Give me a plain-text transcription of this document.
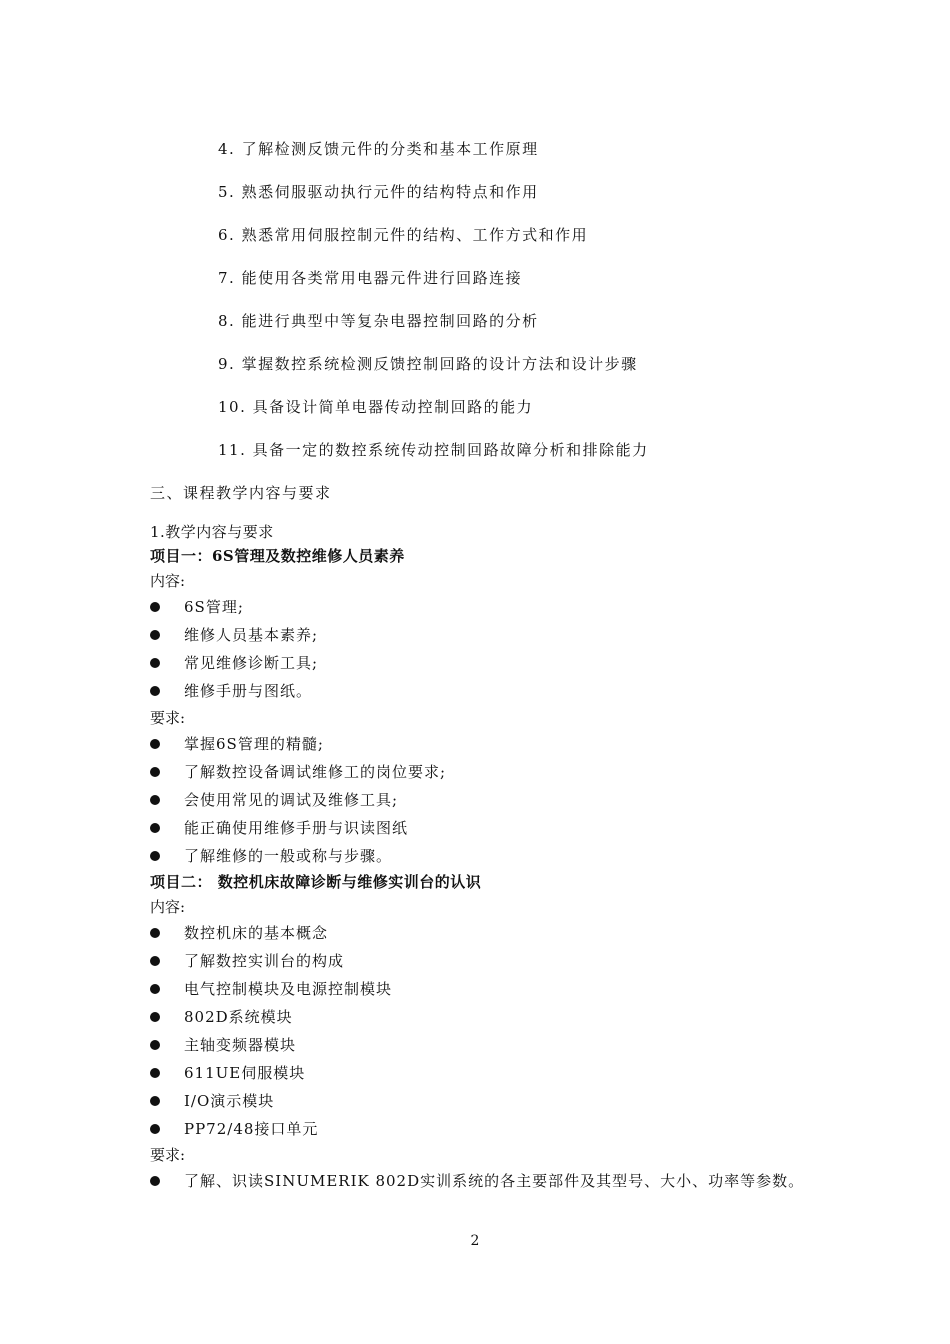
4. 了解检测反馈元件的分类和基本工作原理
5. 熟悉伺服驱动执行元件的结构特点和作用
6. 熟悉常用伺服控制元件的结构、工作方式和作用
7. 能使用各类常用电器元件进行回路连接
8. 能进行典型中等复杂电器控制回路的分析
9. 掌握数控系统检测反馈控制回路的设计方法和设计步骤
10. 具备设计简单电器传动控制回路的能力
11. 具备一定的数控系统传动控制回路故障分析和排除能力
三、课程教学内容与要求
1.教学内容与要求
项目一：6S管理及数控维修人员素养
内容:
6S管理;
维修人员基本素养;
常见维修诊断工具;
维修手册与图纸。
要求:
掌握6S管理的精髓;
了解数控设备调试维修工的岗位要求;
会使用常见的调试及维修工具;
能正确使用维修手册与识读图纸
了解维修的一般或称与步骤。
项目二： 数控机床故障诊断与维修实训台的认识
内容:
数控机床的基本概念
了解数控实训台的构成
电气控制模块及电源控制模块
802D系统模块
主轴变频器模块
611UE伺服模块
I/O演示模块
PP72/48接口单元
要求:
了解、识读SINUMERIK 802D实训系统的各主要部件及其型号、大小、功率等参数。
2
